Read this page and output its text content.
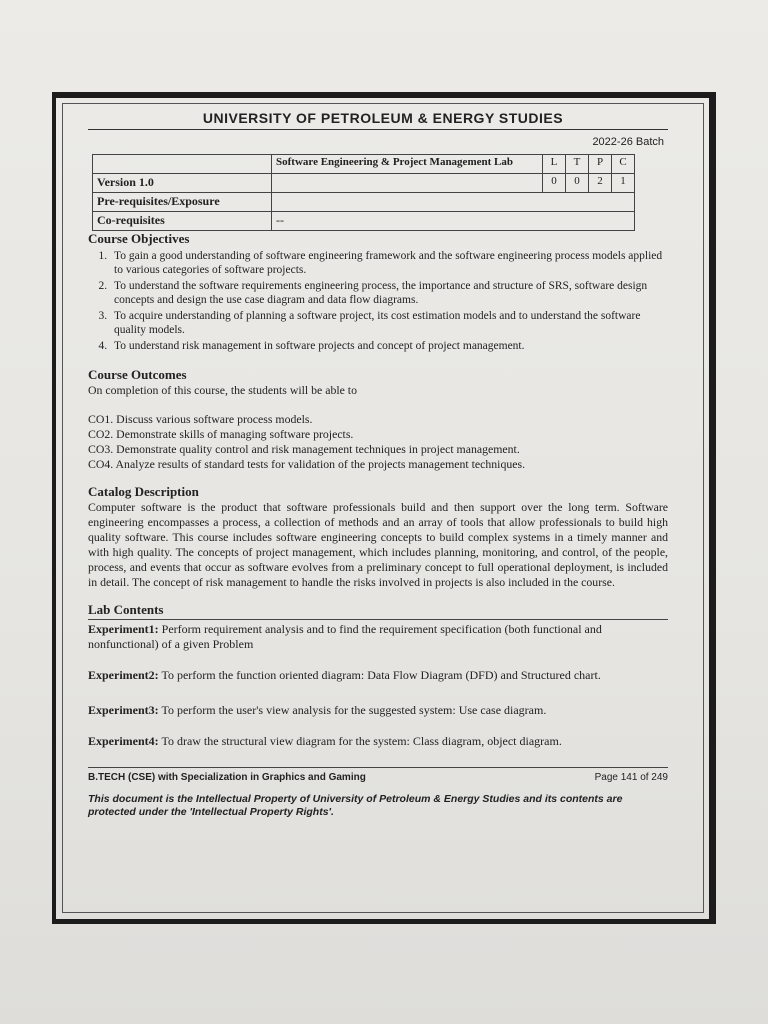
UNIVERSITY OF PETROLEUM & ENERGY STUDIES
2022-26 Batch
	Software Engineering & Project Management Lab	L	T	P	C
Version 1.0		0	0	2	1
Pre-requisites/Exposure					
Co-requisites	--				
Course Objectives
1. To gain a good understanding of software engineering framework and the software engineering process models applied to various categories of software projects.
2. To understand the software requirements engineering process, the importance and structure of SRS, software design concepts and design the use case diagram and data flow diagrams.
3. To acquire understanding of planning a software project, its cost estimation models and to understand the software quality models.
4. To understand risk management in software projects and concept of project management.
Course Outcomes
On completion of this course, the students will be able to
CO1. Discuss various software process models.
CO2. Demonstrate skills of managing software projects.
CO3. Demonstrate quality control and risk management techniques in project management.
CO4. Analyze results of standard tests for validation of the projects management techniques.
Catalog Description
Computer software is the product that software professionals build and then support over the long term. Software engineering encompasses a process, a collection of methods and an array of tools that allow professionals to build high quality software. This course includes software engineering concepts to build complex systems in a timely manner and with high quality. The concepts of project management, which includes planning, monitoring, and control, of the people, process, and events that occur as software evolves from a preliminary concept to full operational deployment, is included in detail. The concept of risk management to handle the risks involved in projects is also included in the course.
Lab Contents
Experiment1: Perform requirement analysis and to find the requirement specification (both functional and nonfunctional) of a given Problem
Experiment2: To perform the function oriented diagram: Data Flow Diagram (DFD) and Structured chart.
Experiment3: To perform the user's view analysis for the suggested system: Use case diagram.
Experiment4: To draw the structural view diagram for the system: Class diagram, object diagram.
B.TECH (CSE) with Specialization in Graphics and Gaming	Page 141 of 249
This document is the Intellectual Property of University of Petroleum & Energy Studies and its contents are protected under the 'Intellectual Property Rights'.
